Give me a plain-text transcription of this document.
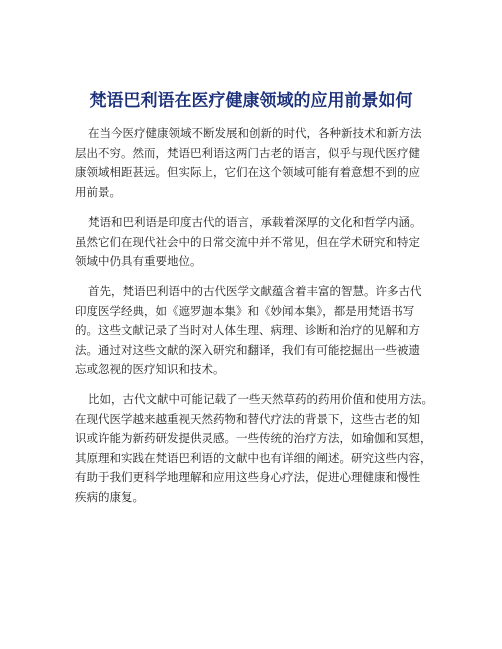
梵语巴利语在医疗健康领域的应用前景如何

在当今医疗健康领域不断发展和创新的时代，各种新技术和新方法
层出不穷。然而，梵语巴利语这两门古老的语言，似乎与现代医疗健
康领域相距甚远。但实际上，它们在这个领域可能有着意想不到的应
用前景。

梵语和巴利语是印度古代的语言，承载着深厚的文化和哲学内涵。
虽然它们在现代社会中的日常交流中并不常见，但在学术研究和特定
领域中仍具有重要地位。

首先，梵语巴利语中的古代医学文献蕴含着丰富的智慧。许多古代
印度医学经典，如《遮罗迦本集》和《妙闻本集》，都是用梵语书写
的。这些文献记录了当时对人体生理、病理、诊断和治疗的见解和方
法。通过对这些文献的深入研究和翻译，我们有可能挖掘出一些被遗
忘或忽视的医疗知识和技术。

比如，古代文献中可能记载了一些天然草药的药用价值和使用方法。
在现代医学越来越重视天然药物和替代疗法的背景下，这些古老的知
识或许能为新药研发提供灵感。一些传统的治疗方法，如瑜伽和冥想，
其原理和实践在梵语巴利语的文献中也有详细的阐述。研究这些内容，
有助于我们更科学地理解和应用这些身心疗法，促进心理健康和慢性
疾病的康复。
